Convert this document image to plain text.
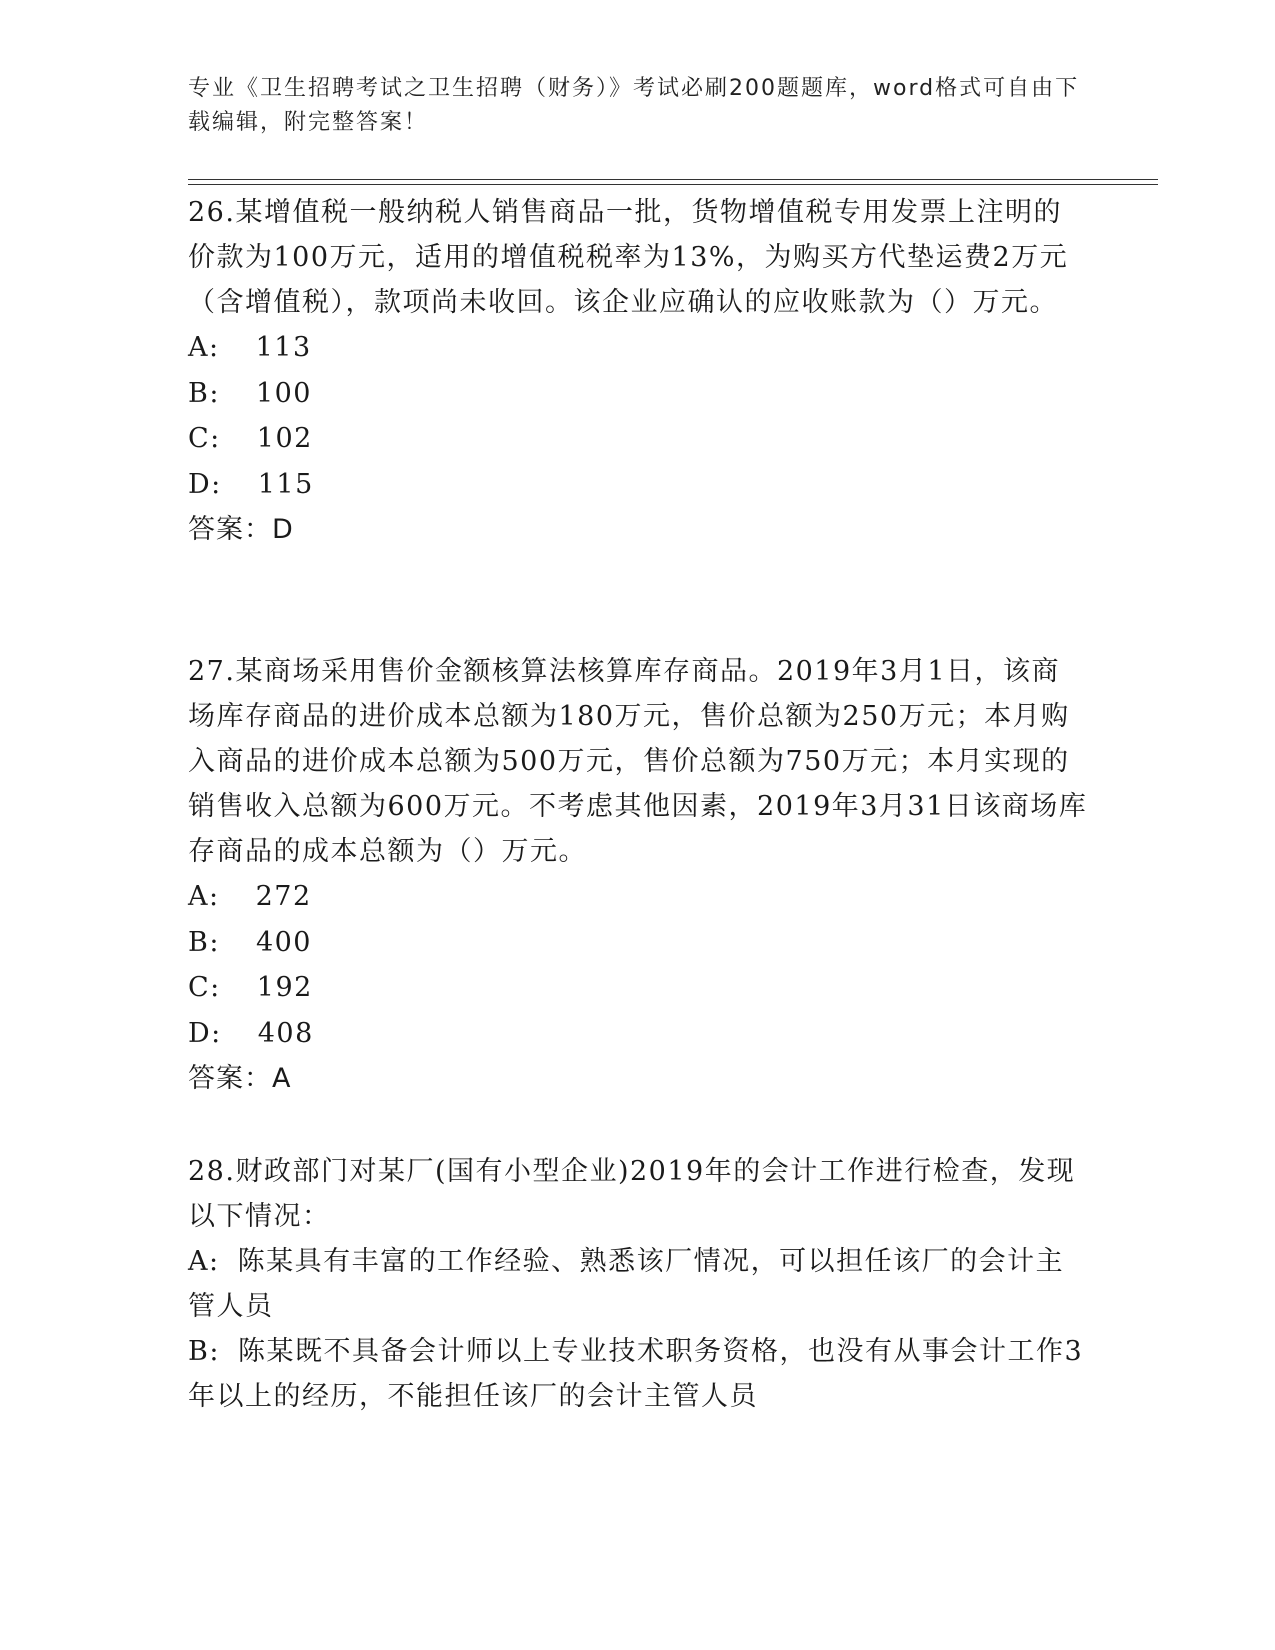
专业《卫生招聘考试之卫生招聘（财务）》考试必刷200题题库，word格式可自由下载编辑，附完整答案！

26.某增值税一般纳税人销售商品一批，货物增值税专用发票上注明的价款为100万元，适用的增值税税率为13%，为购买方代垫运费2万元（含增值税），款项尚未收回。该企业应确认的应收账款为（）万元。

A: 113

B: 100

C: 102

D: 115

答案：D

27.某商场采用售价金额核算法核算库存商品。2019年3月1日，该商场库存商品的进价成本总额为180万元，售价总额为250万元；本月购入商品的进价成本总额为500万元，售价总额为750万元；本月实现的销售收入总额为600万元。不考虑其他因素，2019年3月31日该商场库存商品的成本总额为（）万元。

A: 272

B: 400

C: 192

D: 408

答案：A

28.财政部门对某厂(国有小型企业)2019年的会计工作进行检查，发现以下情况：

A: 陈某具有丰富的工作经验、熟悉该厂情况，可以担任该厂的会计主管人员

B: 陈某既不具备会计师以上专业技术职务资格，也没有从事会计工作3年以上的经历，不能担任该厂的会计主管人员
